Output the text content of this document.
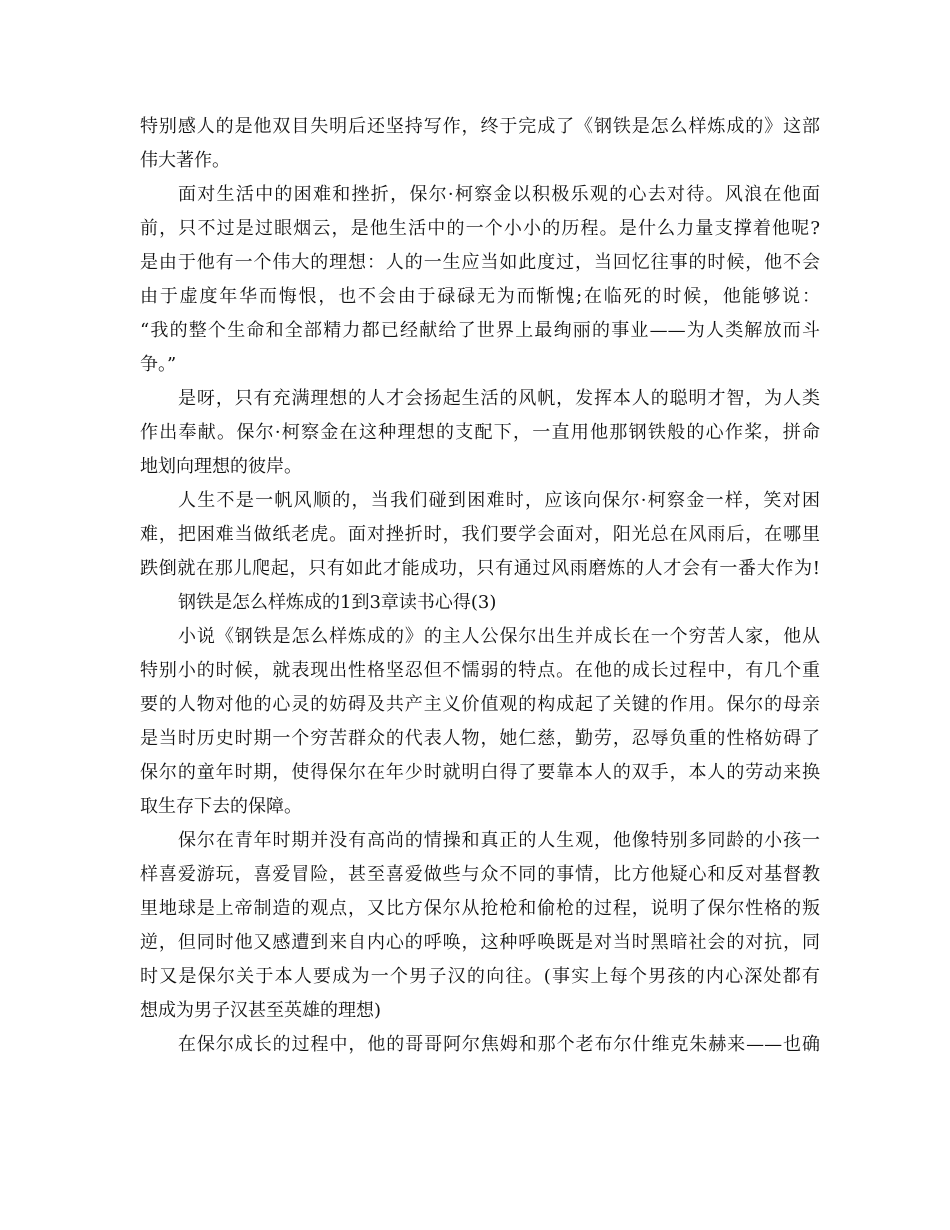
特别感人的是他双目失明后还坚持写作，终于完成了《钢铁是怎么样炼成的》这部
伟大著作。
面对生活中的困难和挫折，保尔·柯察金以积极乐观的心去对待。风浪在他面
前，只不过是过眼烟云，是他生活中的一个小小的历程。是什么力量支撑着他呢?
是由于他有一个伟大的理想：人的一生应当如此度过，当回忆往事的时候，他不会
由于虚度年华而悔恨，也不会由于碌碌无为而惭愧;在临死的时候，他能够说：
“我的整个生命和全部精力都已经献给了世界上最绚丽的事业——为人类解放而斗
争。”
是呀，只有充满理想的人才会扬起生活的风帆，发挥本人的聪明才智，为人类
作出奉献。保尔·柯察金在这种理想的支配下，一直用他那钢铁般的心作桨，拼命
地划向理想的彼岸。
人生不是一帆风顺的，当我们碰到困难时，应该向保尔·柯察金一样，笑对困
难，把困难当做纸老虎。面对挫折时，我们要学会面对，阳光总在风雨后，在哪里
跌倒就在那儿爬起，只有如此才能成功，只有通过风雨磨炼的人才会有一番大作为!
钢铁是怎么样炼成的1到3章读书心得(3)
小说《钢铁是怎么样炼成的》的主人公保尔出生并成长在一个穷苦人家，他从
特别小的时候，就表现出性格坚忍但不懦弱的特点。在他的成长过程中，有几个重
要的人物对他的心灵的妨碍及共产主义价值观的构成起了关键的作用。保尔的母亲
是当时历史时期一个穷苦群众的代表人物，她仁慈，勤劳，忍辱负重的性格妨碍了
保尔的童年时期，使得保尔在年少时就明白得了要靠本人的双手，本人的劳动来换
取生存下去的保障。
保尔在青年时期并没有高尚的情操和真正的人生观，他像特别多同龄的小孩一
样喜爱游玩，喜爱冒险，甚至喜爱做些与众不同的事情，比方他疑心和反对基督教
里地球是上帝制造的观点，又比方保尔从抢枪和偷枪的过程，说明了保尔性格的叛
逆，但同时他又感遭到来自内心的呼唤，这种呼唤既是对当时黑暗社会的对抗，同
时又是保尔关于本人要成为一个男子汉的向往。(事实上每个男孩的内心深处都有
想成为男子汉甚至英雄的理想)
在保尔成长的过程中，他的哥哥阿尔焦姆和那个老布尔什维克朱赫来——也确
